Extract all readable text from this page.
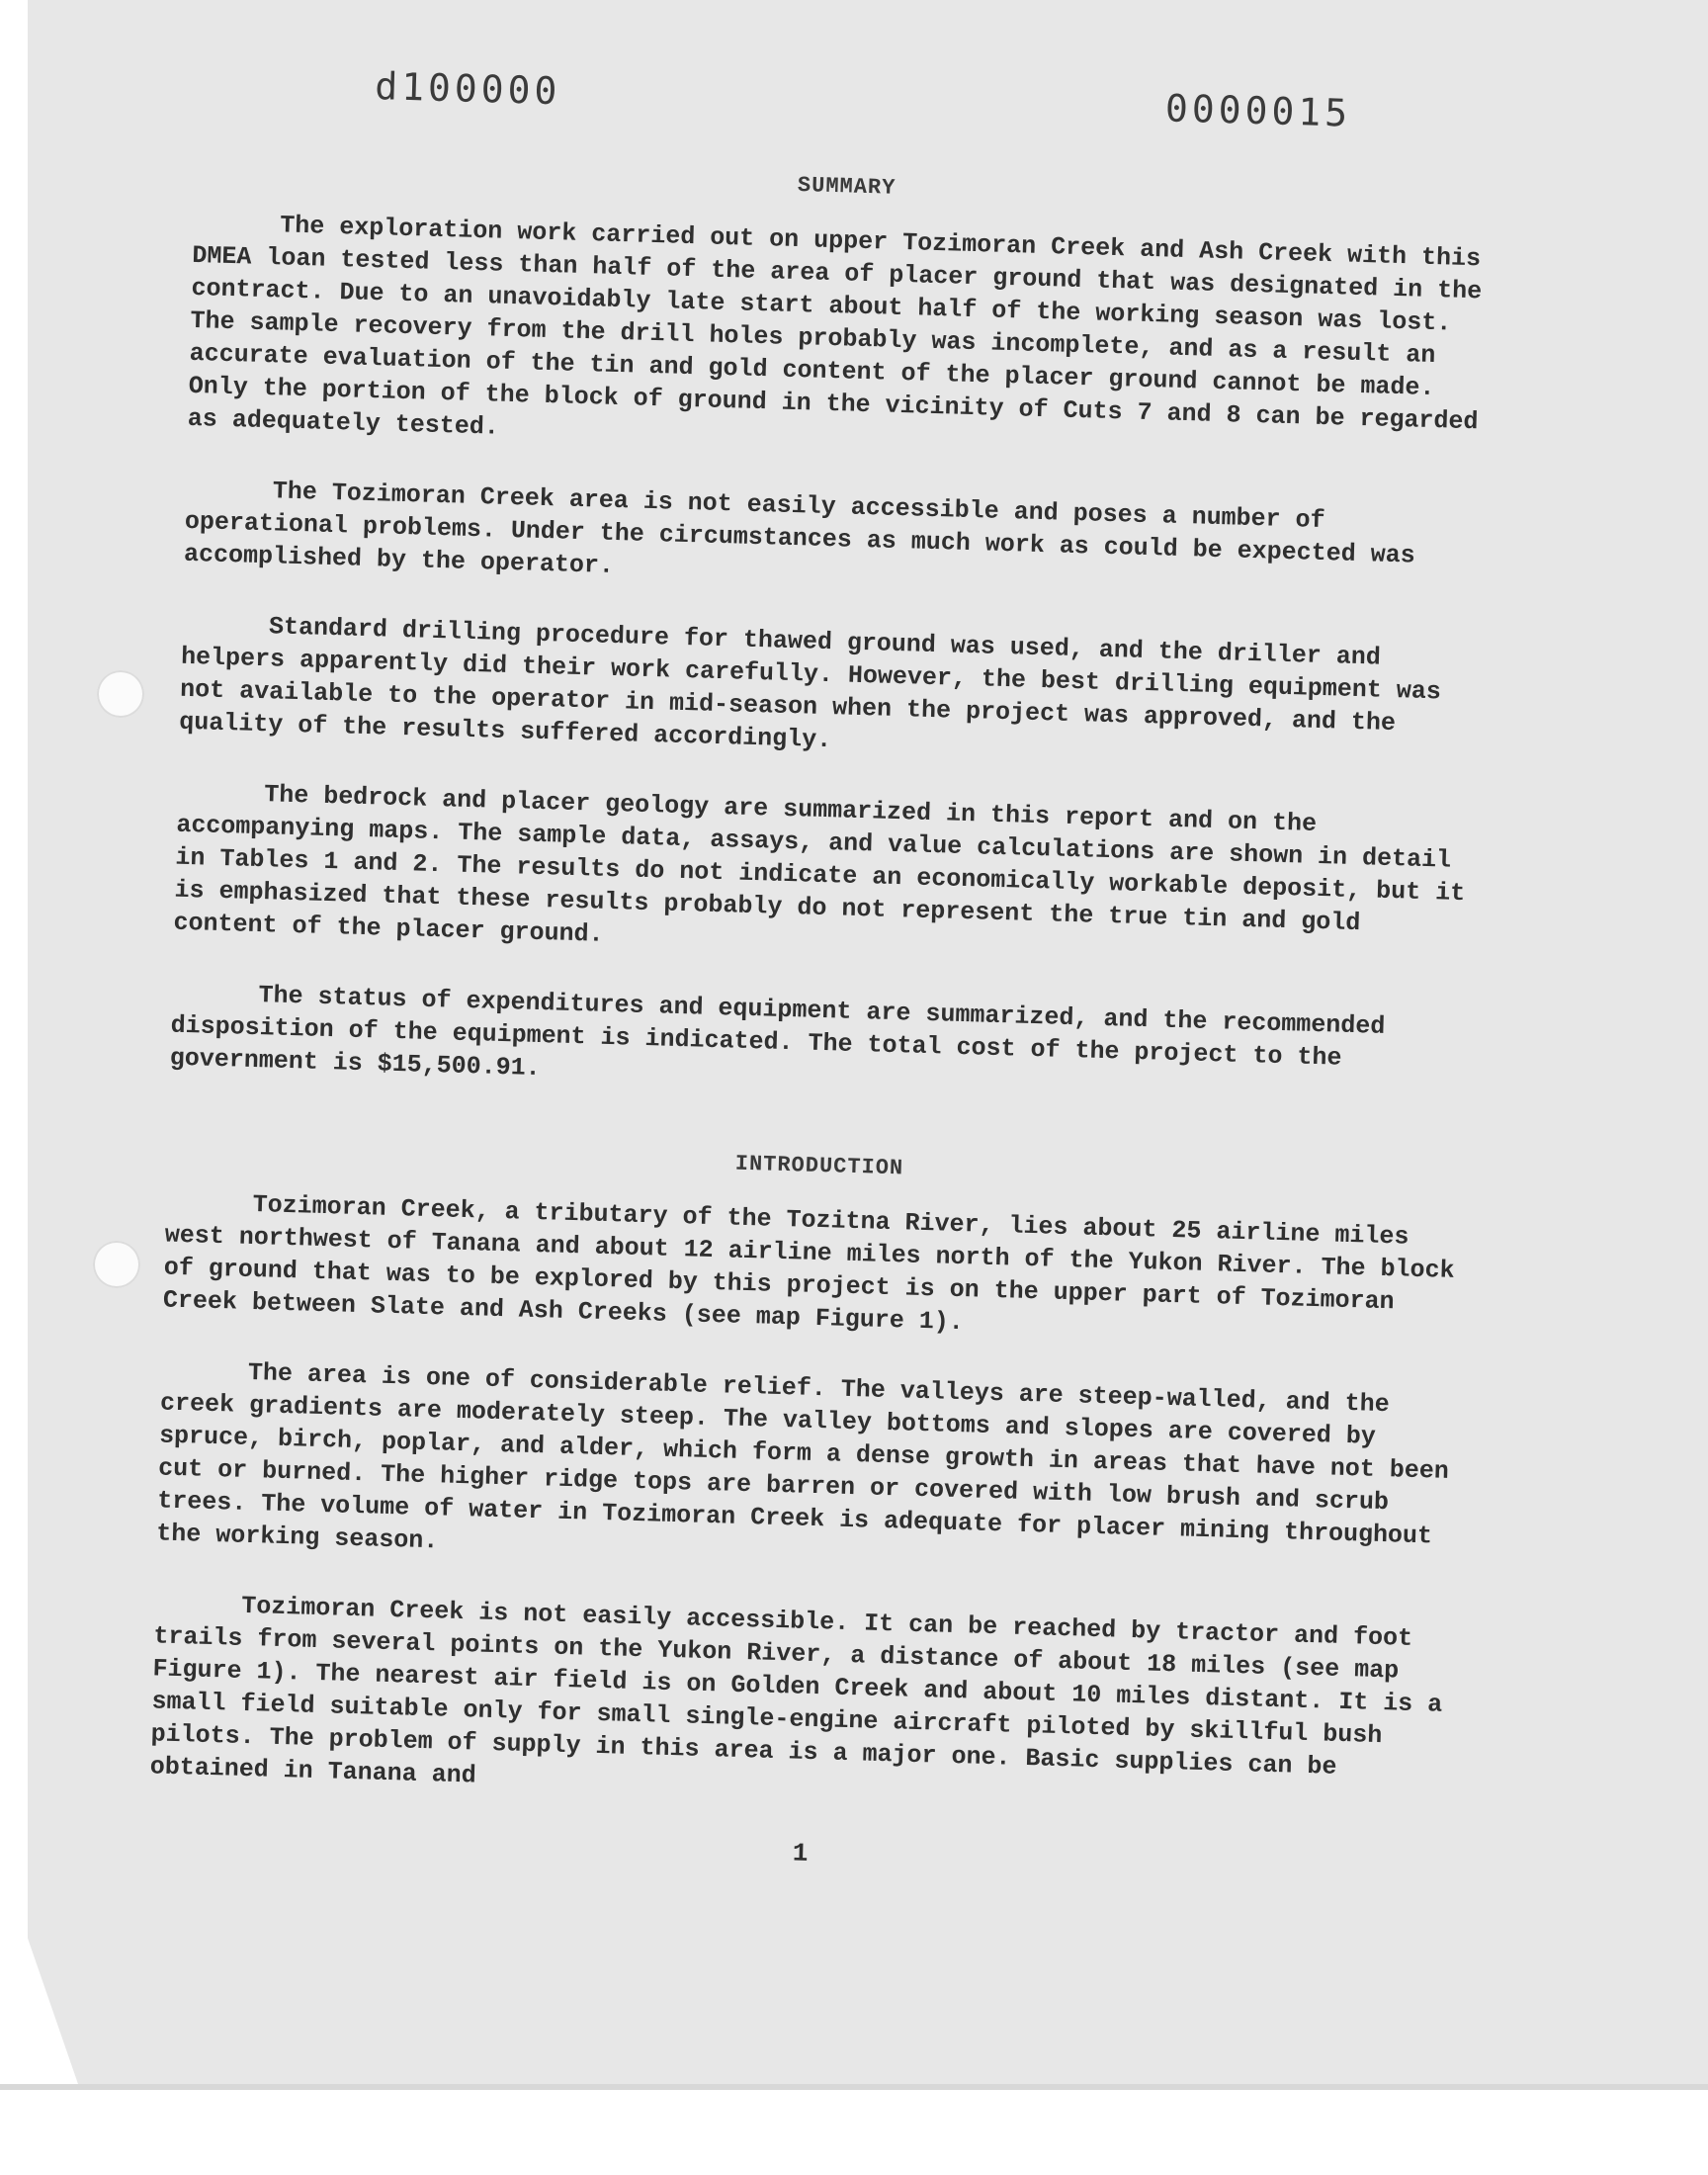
d100000	0000015
SUMMARY

The exploration work carried out on upper Tozimoran Creek and Ash Creek with this DMEA loan tested less than half of the area of placer ground that was designated in the contract. Due to an unavoidably late start about half of the working season was lost. The sample recovery from the drill holes probably was incomplete, and as a result an accurate evaluation of the tin and gold content of the placer ground cannot be made. Only the portion of the block of ground in the vicinity of Cuts 7 and 8 can be regarded as adequately tested.

The Tozimoran Creek area is not easily accessible and poses a number of operational problems. Under the circumstances as much work as could be expected was accomplished by the operator.

Standard drilling procedure for thawed ground was used, and the driller and helpers apparently did their work carefully. However, the best drilling equipment was not available to the operator in mid-season when the project was approved, and the quality of the results suffered accordingly.

The bedrock and placer geology are summarized in this report and on the accompanying maps. The sample data, assays, and value calculations are shown in detail in Tables 1 and 2. The results do not indicate an economically workable deposit, but it is emphasized that these results probably do not represent the true tin and gold content of the placer ground.

The status of expenditures and equipment are summarized, and the recommended disposition of the equipment is indicated. The total cost of the project to the government is $15,500.91.

INTRODUCTION

Tozimoran Creek, a tributary of the Tozitna River, lies about 25 airline miles west northwest of Tanana and about 12 airline miles north of the Yukon River. The block of ground that was to be explored by this project is on the upper part of Tozimoran Creek between Slate and Ash Creeks (see map Figure 1).

The area is one of considerable relief. The valleys are steep-walled, and the creek gradients are moderately steep. The valley bottoms and slopes are covered by spruce, birch, poplar, and alder, which form a dense growth in areas that have not been cut or burned. The higher ridge tops are barren or covered with low brush and scrub trees. The volume of water in Tozimoran Creek is adequate for placer mining throughout the working season.

Tozimoran Creek is not easily accessible. It can be reached by tractor and foot trails from several points on the Yukon River, a distance of about 18 miles (see map Figure 1). The nearest air field is on Golden Creek and about 10 miles distant. It is a small field suitable only for small single-engine aircraft piloted by skillful bush pilots. The problem of supply in this area is a major one. Basic supplies can be obtained in Tanana and

1
